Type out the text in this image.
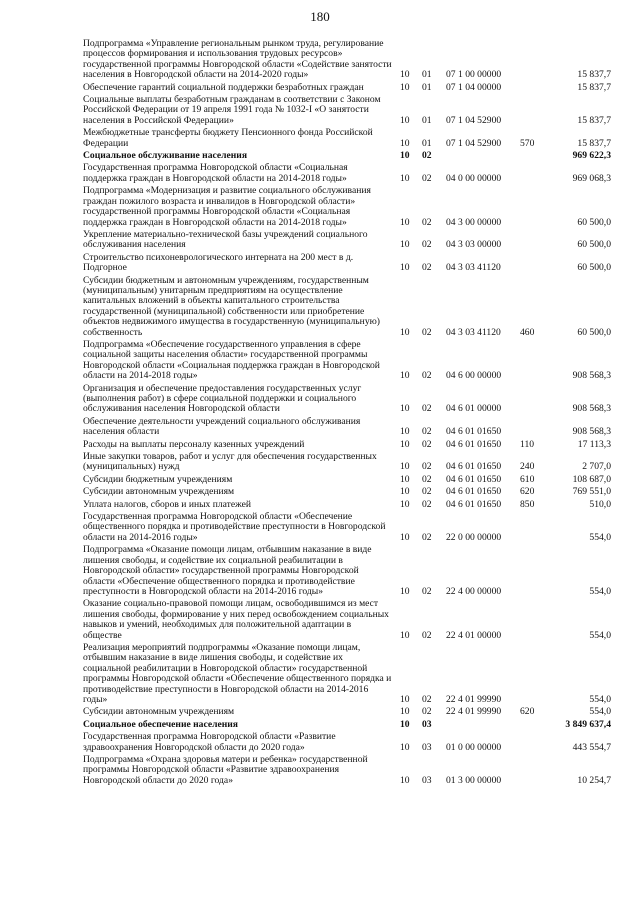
180
Подпрограмма «Управление региональным рынком труда, регулирование процессов формирования и использования трудовых ресурсов» государственной программы Новгородской области «Содействие занятости населения в Новгородской области на 2014-2020 годы»	10	01	07 1 00 00000		15 837,7
Обеспечение гарантий социальной поддержки безработных граждан	10	01	07 1 04 00000		15 837,7
Социальные выплаты безработным гражданам в соответствии с Законом Российской Федерации от 19 апреля 1991 года № 1032-I «О занятости населения в Российской Федерации»	10	01	07 1 04 52900		15 837,7
Межбюджетные трансферты бюджету Пенсионного фонда Российской Федерации	10	01	07 1 04 52900	570	15 837,7
Социальное обслуживание населения	10	02			969 622,3
Государственная программа Новгородской области «Социальная поддержка граждан в Новгородской области на 2014-2018 годы»	10	02	04 0 00 00000		969 068,3
Подпрограмма «Модернизация и развитие социального обслуживания граждан пожилого возраста и инвалидов в Новгородской области» государственной программы Новгородской области «Социальная поддержка граждан в Новгородской области на 2014-2018 годы»	10	02	04 3 00 00000		60 500,0
Укрепление материально-технической базы учреждений социального обслуживания населения	10	02	04 3 03 00000		60 500,0
Строительство психоневрологического интерната на 200 мест в д. Подгорное	10	02	04 3 03 41120		60 500,0
Субсидии бюджетным и автономным учреждениям, государственным (муниципальным) унитарным предприятиям на осуществление капитальных вложений в объекты капитального строительства государственной (муниципальной) собственности или приобретение объектов недвижимого имущества в государственную (муниципальную) собственность	10	02	04 3 03 41120	460	60 500,0
Подпрограмма «Обеспечение государственного управления в сфере социальной защиты населения области» государственной программы Новгородской области «Социальная поддержка граждан в Новгородской области на 2014-2018 годы»	10	02	04 6 00 00000		908 568,3
Организация и обеспечение предоставления государственных услуг (выполнения работ) в сфере социальной поддержки и социального обслуживания населения Новгородской области	10	02	04 6 01 00000		908 568,3
Обеспечение деятельности учреждений социального обслуживания населения области	10	02	04 6 01 01650		908 568,3
Расходы на выплаты персоналу казенных учреждений	10	02	04 6 01 01650	110	17 113,3
Иные закупки товаров, работ и услуг для обеспечения государственных (муниципальных) нужд	10	02	04 6 01 01650	240	2 707,0
Субсидии бюджетным учреждениям	10	02	04 6 01 01650	610	108 687,0
Субсидии автономным учреждениям	10	02	04 6 01 01650	620	769 551,0
Уплата налогов, сборов и иных платежей	10	02	04 6 01 01650	850	510,0
Государственная программа Новгородской области «Обеспечение общественного порядка и противодействие преступности в Новгородской области на 2014-2016 годы»	10	02	22 0 00 00000		554,0
Подпрограмма «Оказание помощи лицам, отбывшим наказание в виде лишения свободы, и содействие их социальной реабилитации в Новгородской области» государственной программы Новгородской области «Обеспечение общественного порядка и противодействие преступности в Новгородской области на 2014-2016 годы»	10	02	22 4 00 00000		554,0
Оказание социально-правовой помощи лицам, освободившимся из мест лишения свободы, формирование у них перед освобождением социальных навыков и умений, необходимых для положительной адаптации в обществе	10	02	22 4 01 00000		554,0
Реализация мероприятий подпрограммы «Оказание помощи лицам, отбывшим наказание в виде лишения свободы, и содействие их социальной реабилитации в Новгородской области» государственной программы Новгородской области «Обеспечение общественного порядка и противодействие преступности в Новгородской области на 2014-2016 годы»	10	02	22 4 01 99990		554,0
Субсидии автономным учреждениям	10	02	22 4 01 99990	620	554,0
Социальное обеспечение населения	10	03			3 849 637,4
Государственная программа Новгородской области «Развитие здравоохранения Новгородской области до 2020 года»	10	03	01 0 00 00000		443 554,7
Подпрограмма «Охрана здоровья матери и ребенка» государственной программы Новгородской области «Развитие здравоохранения Новгородской области до 2020 года»	10	03	01 3 00 00000		10 254,7
